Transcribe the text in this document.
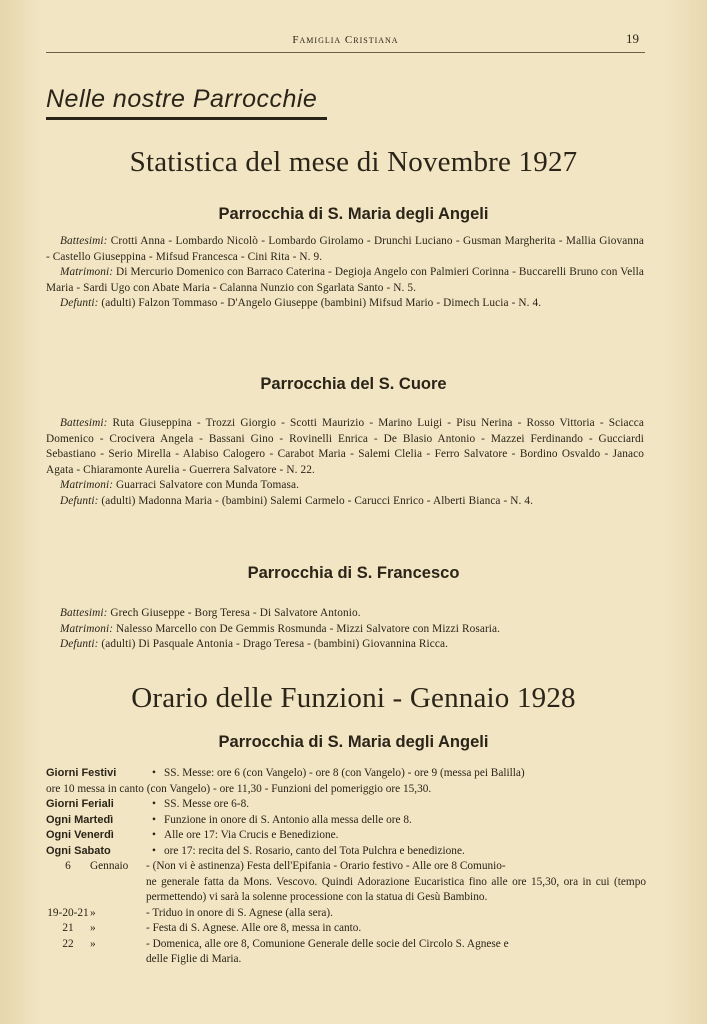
Famiglia Cristiana	19
Nelle nostre Parrocchie
Statistica del mese di Novembre 1927
Parrocchia di S. Maria degli Angeli

Battesimi: Crotti Anna - Lombardo Nicolò - Lombardo Girolamo - Drunchi Luciano - Gusman Margherita - Mallia Giovanna - Castello Giuseppina - Mifsud Francesca - Cini Rita - N. 9.

Matrimoni: Di Mercurio Domenico con Barraco Caterina - Degioja Angelo con Palmieri Corinna - Buccarelli Bruno con Vella Maria - Sardi Ugo con Abate Maria - Calanna Nunzio con Sgarlata Santo - N. 5.

Defunti: (adulti) Falzon Tommaso - D'Angelo Giuseppe (bambini) Mifsud Mario - Dimech Lucia - N. 4.

Parrocchia del S. Cuore

Battesimi: Ruta Giuseppina - Trozzi Giorgio - Scotti Maurizio - Marino Luigi - Pisu Nerina - Rosso Vittoria - Sciacca Domenico - Crocivera Angela - Bassani Gino - Rovinelli Enrica - De Blasio Antonio - Mazzei Ferdinando - Gucciardi Sebastiano - Serio Mirella - Alabiso Calogero - Carabot Maria - Salemi Clelia - Ferro Salvatore - Bordino Osvaldo - Janaco Agata - Chiaramonte Aurelia - Guerrera Salvatore - N. 22.

Matrimoni: Guarraci Salvatore con Munda Tomasa.

Defunti: (adulti) Madonna Maria - (bambini) Salemi Carmelo - Carucci Enrico - Alberti Bianca - N. 4.

Parrocchia di S. Francesco

Battesimi: Grech Giuseppe - Borg Teresa - Di Salvatore Antonio.

Matrimoni: Nalesso Marcello con De Gemmis Rosmunda - Mizzi Salvatore con Mizzi Rosaria.

Defunti: (adulti) Di Pasquale Antonia - Drago Teresa - (bambini) Giovannina Ricca.

Orario delle Funzioni - Gennaio 1928
Parrocchia di S. Maria degli Angeli
Giorni Festivi	• SS. Messe: ore 6 (con Vangelo) - ore 8 (con Vangelo) - ore 9 (messa pei Balilla)
ore 10 messa in canto (con Vangelo) - ore 11,30 - Funzioni del pomeriggio ore 15,30.
Giorni Feriali	• SS. Messe ore 6-8.
Ogni Martedì	• Funzione in onore di S. Antonio alla messa delle ore 8.
Ogni Venerdì	• Alle ore 17: Via Crucis e Benedizione.
Ogni Sabato	• ore 17: recita del S. Rosario, canto del Tota Pulchra e benedizione.
6	Gennaio	- (Non vi è astinenza) Festa dell'Epifania - Orario festivo - Alle ore 8 Comunio-
ne generale fatta da Mons. Vescovo. Quindi Adorazione Eucaristica fino alle ore 15,30, ora in cui (tempo permettendo) vi sarà la solenne processione con la statua di Gesù Bambino.
19-20-21 »	- Triduo in onore di S. Agnese (alla sera).
21	»	- Festa di S. Agnese. Alle ore 8, messa in canto.
22	»	- Domenica, alle ore 8, Comunione Generale delle socie del Circolo S. Agnese e
delle Figlie di Maria.
